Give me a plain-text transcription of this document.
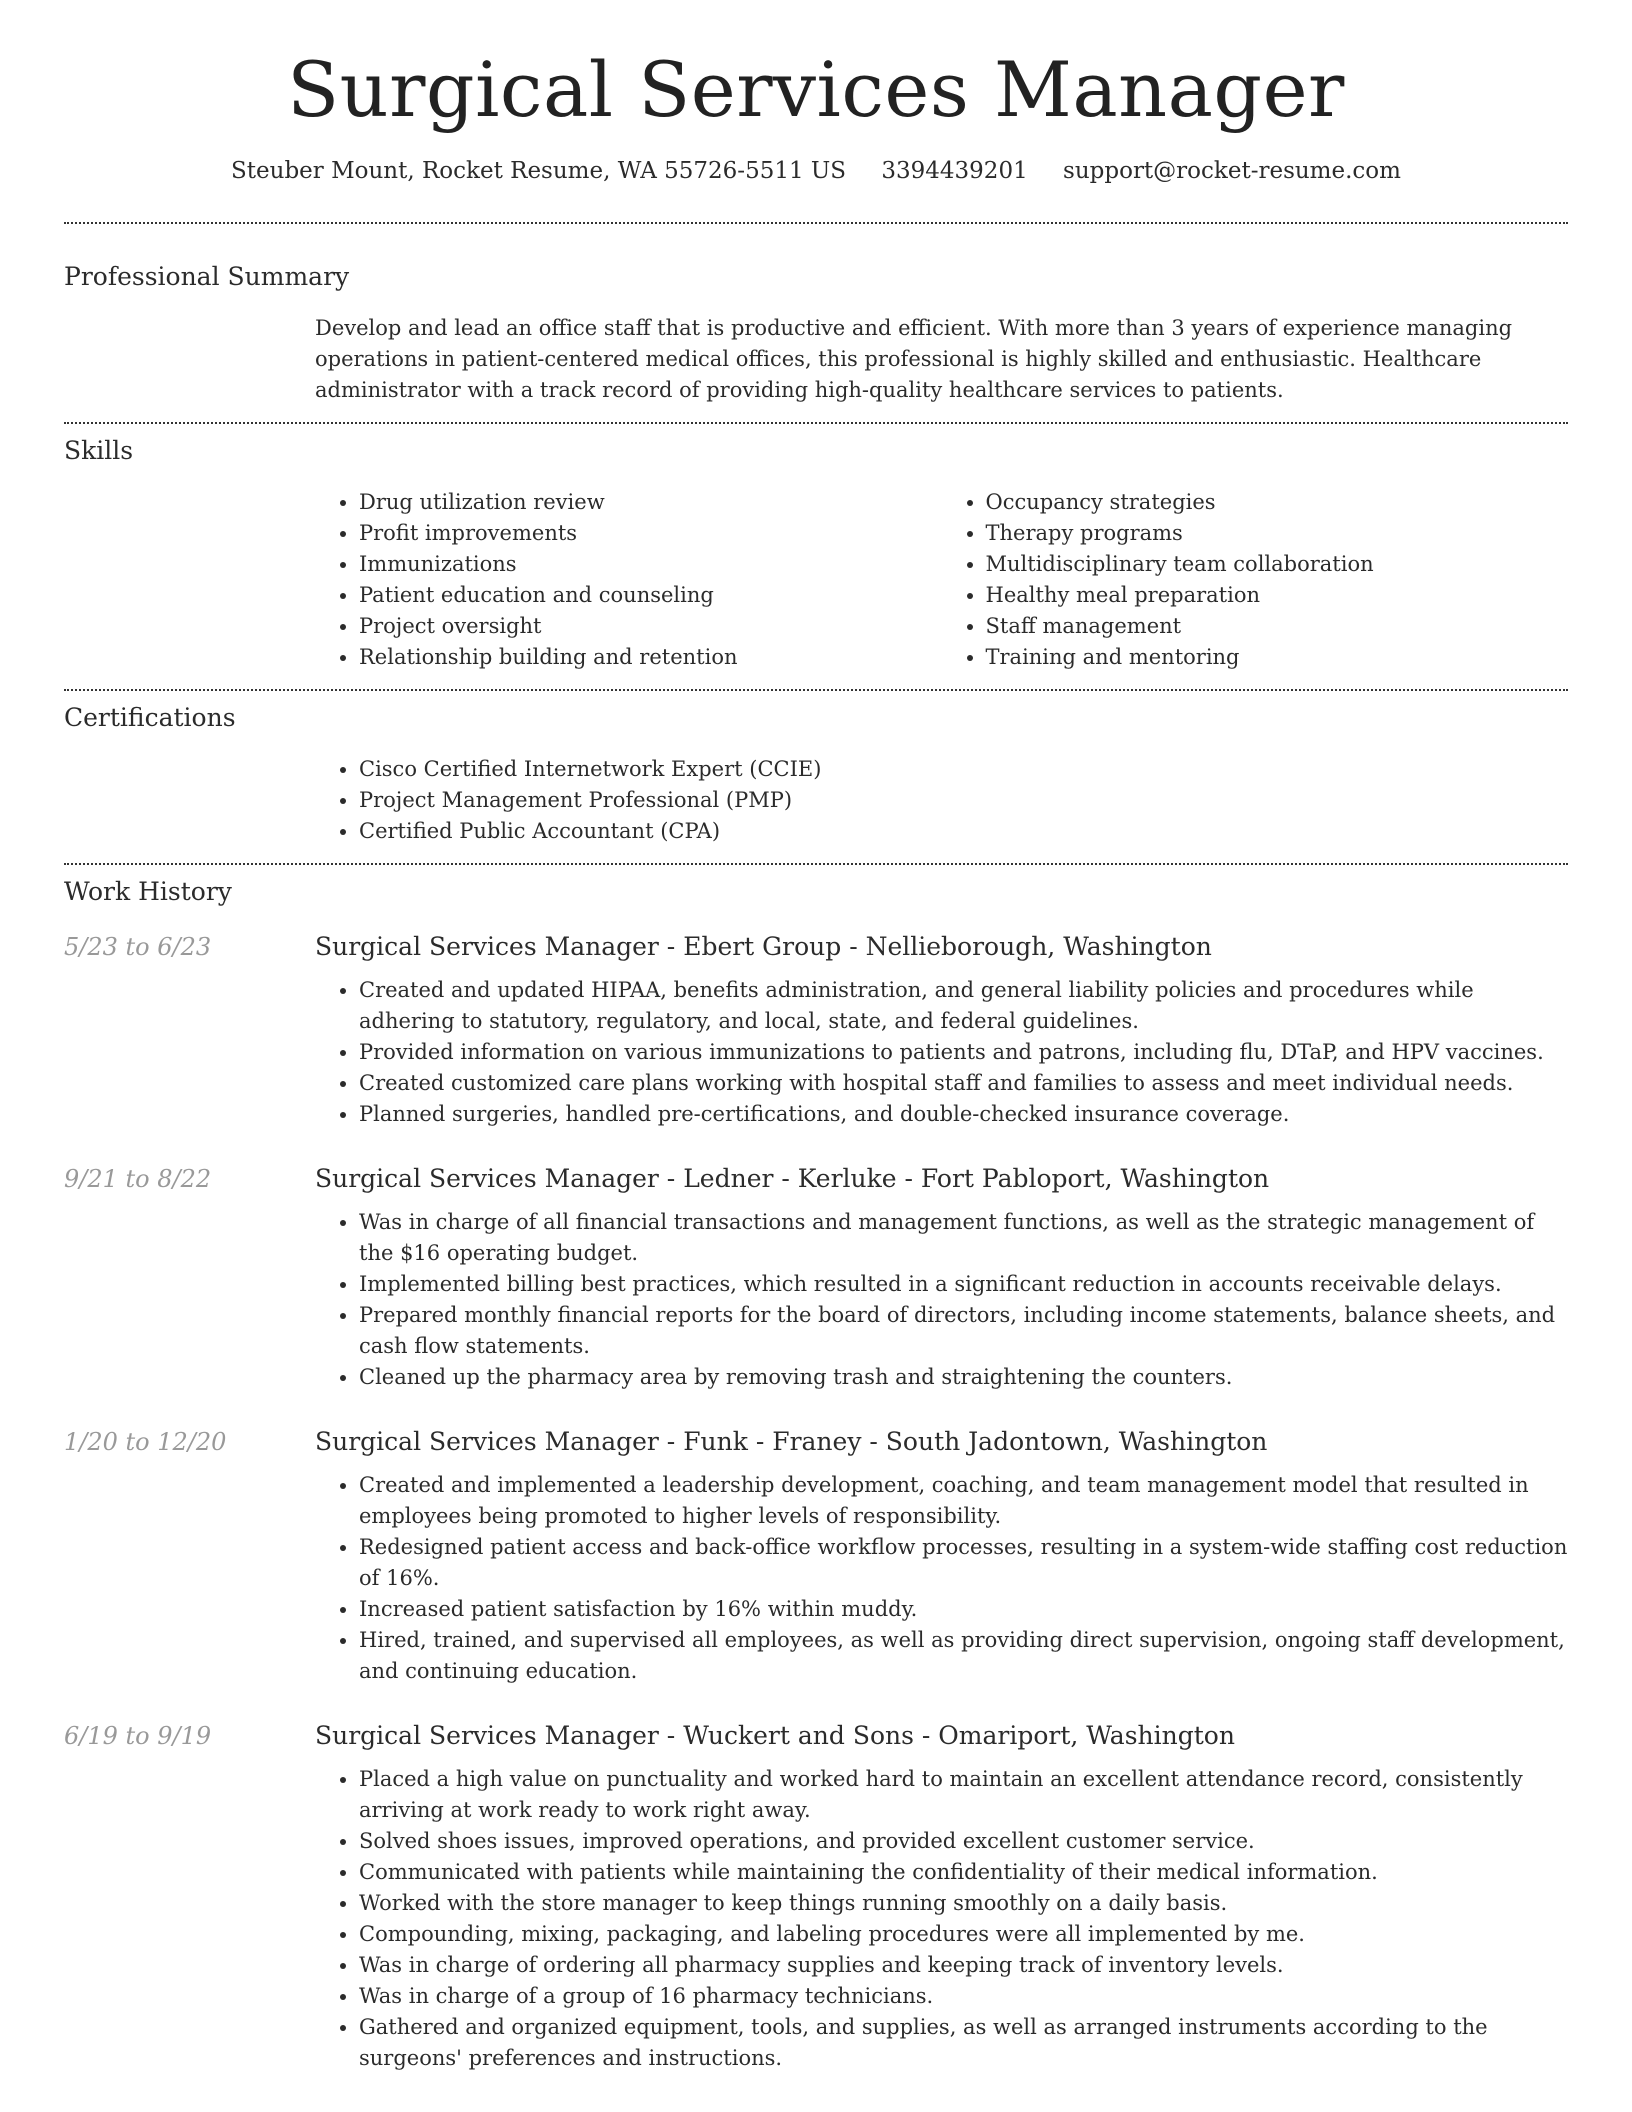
Surgical Services Manager
Steuber Mount, Rocket Resume, WA 55726-5511 US 3394439201 support@rocket-resume.com
Professional Summary
Develop and lead an office staff that is productive and efficient. With more than 3 years of experience managing operations in patient-centered medical offices, this professional is highly skilled and enthusiastic. Healthcare administrator with a track record of providing high-quality healthcare services to patients.
Skills
• Drug utilization review
• Profit improvements
• Immunizations
• Patient education and counseling
• Project oversight
• Relationship building and retention
• Occupancy strategies
• Therapy programs
• Multidisciplinary team collaboration
• Healthy meal preparation
• Staff management
• Training and mentoring
Certifications
• Cisco Certified Internetwork Expert (CCIE)
• Project Management Professional (PMP)
• Certified Public Accountant (CPA)
Work History
5/23 to 6/23	Surgical Services Manager - Ebert Group - Nellieborough, Washington
• Created and updated HIPAA, benefits administration, and general liability policies and procedures while adhering to statutory, regulatory, and local, state, and federal guidelines.
• Provided information on various immunizations to patients and patrons, including flu, DTaP, and HPV vaccines.
• Created customized care plans working with hospital staff and families to assess and meet individual needs.
• Planned surgeries, handled pre-certifications, and double-checked insurance coverage.
9/21 to 8/22	Surgical Services Manager - Ledner - Kerluke - Fort Pabloport, Washington
• Was in charge of all financial transactions and management functions, as well as the strategic management of the $16 operating budget.
• Implemented billing best practices, which resulted in a significant reduction in accounts receivable delays.
• Prepared monthly financial reports for the board of directors, including income statements, balance sheets, and cash flow statements.
• Cleaned up the pharmacy area by removing trash and straightening the counters.
1/20 to 12/20	Surgical Services Manager - Funk - Franey - South Jadontown, Washington
• Created and implemented a leadership development, coaching, and team management model that resulted in employees being promoted to higher levels of responsibility.
• Redesigned patient access and back-office workflow processes, resulting in a system-wide staffing cost reduction of 16%.
• Increased patient satisfaction by 16% within muddy.
• Hired, trained, and supervised all employees, as well as providing direct supervision, ongoing staff development, and continuing education.
6/19 to 9/19	Surgical Services Manager - Wuckert and Sons - Omariport, Washington
• Placed a high value on punctuality and worked hard to maintain an excellent attendance record, consistently arriving at work ready to work right away.
• Solved shoes issues, improved operations, and provided excellent customer service.
• Communicated with patients while maintaining the confidentiality of their medical information.
• Worked with the store manager to keep things running smoothly on a daily basis.
• Compounding, mixing, packaging, and labeling procedures were all implemented by me.
• Was in charge of ordering all pharmacy supplies and keeping track of inventory levels.
• Was in charge of a group of 16 pharmacy technicians.
• Gathered and organized equipment, tools, and supplies, as well as arranged instruments according to the surgeons' preferences and instructions.
